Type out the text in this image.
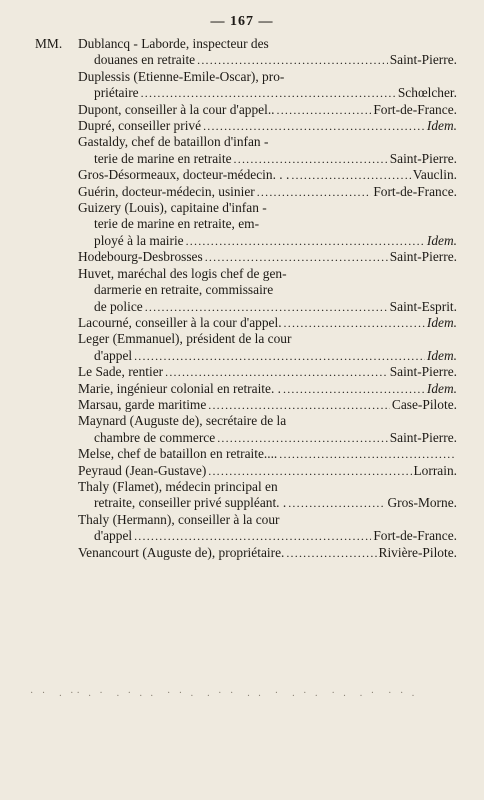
— 167 —
MM. Dublancq - Laborde, inspecteur des
douanes en retraite .....	Saint-Pierre.
Duplessis (Etienne-Emile-Oscar), pro-
priétaire .....	Schœlcher.
Dupont, conseiller à la cour d'appel.. .....	Fort-de-France.
Dupré, conseiller privé .....	Idem.
Gastaldy, chef de bataillon d'infan -
terie de marine en retraite .....	Saint-Pierre.
Gros-Désormeaux, docteur-médecin. . . .....	Vauclin.
Guérin, docteur-médecin, usinier .....	Fort-de-France.
Guizery (Louis), capitaine d'infan -
terie de marine en retraite, em-
ployé à la mairie .....	Idem.
Hodebourg-Desbrosses .....	Saint-Pierre.
Huvet, maréchal des logis chef de gen-
darmerie en retraite, commissaire
de police .....	Saint-Esprit.
Lacourné, conseiller à la cour d'appel. .....	Idem.
Leger (Emmanuel), président de la cour
d'appel .....	Idem.
Le Sade, rentier .....	Saint-Pierre.
Marie, ingénieur colonial en retraite. . .....	Idem.
Marsau, garde maritime .....	Case-Pilote.
Maynard (Auguste de), secrétaire de la
chambre de commerce .....	Saint-Pierre.
Melse, chef de bataillon en retraite....
.....
Peyraud (Jean-Gustave) .....	Lorrain.
Thaly (Flamet), médecin principal en
retraite, conseiller privé suppléant. . .....	Gros-Morne.
Thaly (Hermann), conseiller à la cour
d'appel .....	Fort-de-France.
Venancourt (Auguste de), propriétaire. .....	Rivière-Pilote.
· ·  . ·· . ·  . · . .  · · .  . · ·  . .  ·  . · .  · .  . ·  · · .
